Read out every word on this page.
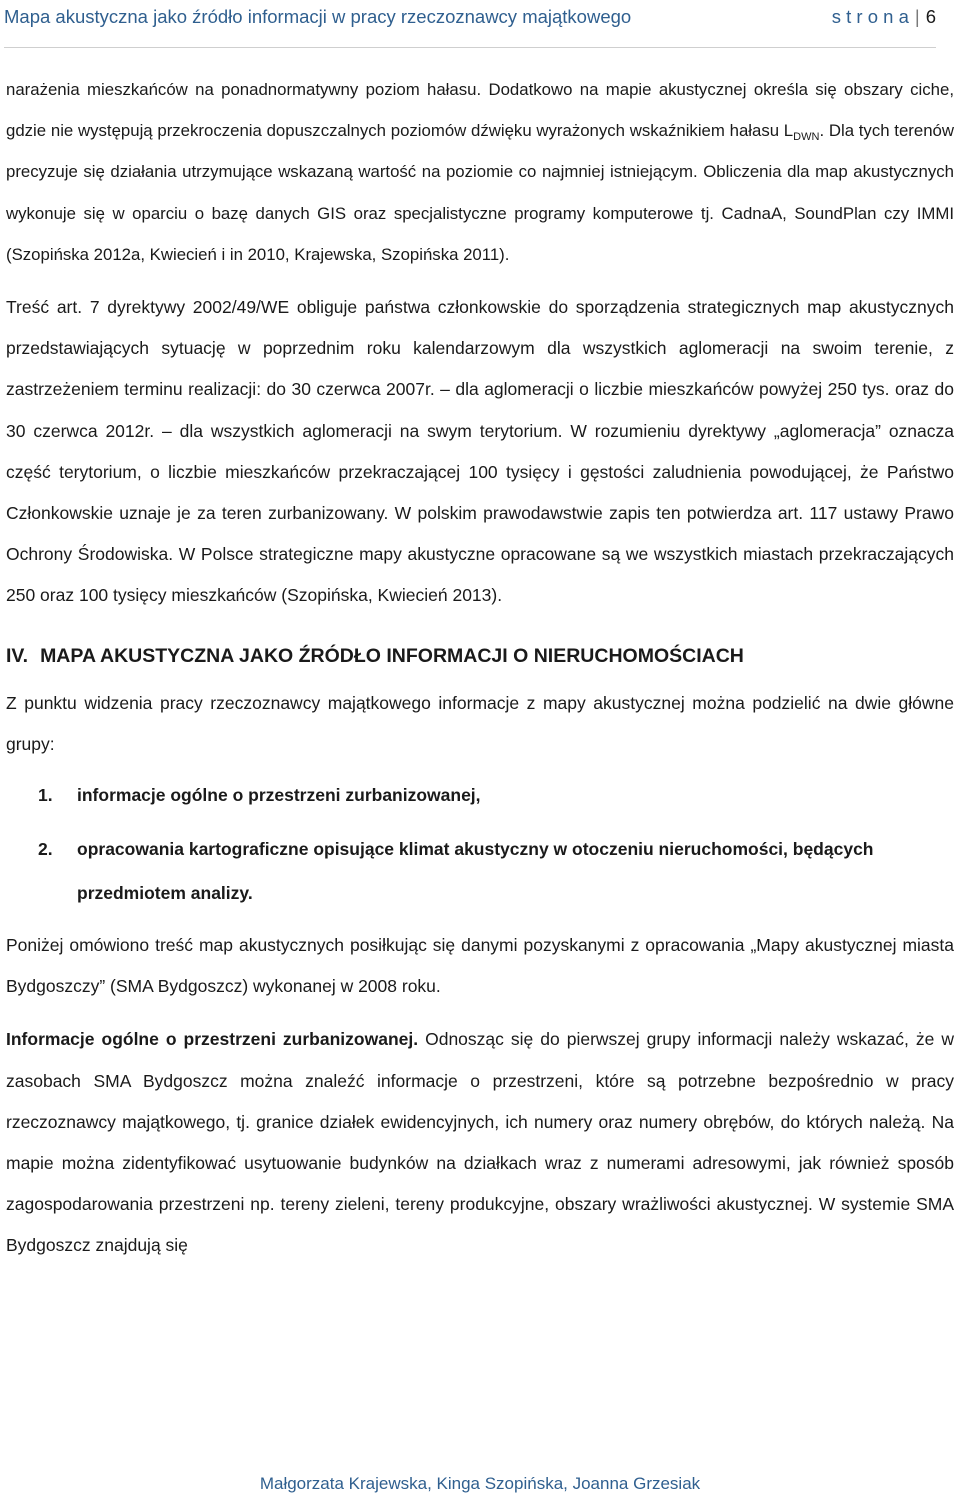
Mapa akustyczna jako źródło informacji w pracy rzeczoznawcy majątkowego	s t r o n a | 6

narażenia mieszkańców na ponadnormatywny poziom hałasu. Dodatkowo na mapie akustycznej określa się obszary ciche, gdzie nie występują przekroczenia dopuszczalnych poziomów dźwięku wyrażonych wskaźnikiem hałasu $L_{DWN}$. Dla tych terenów precyzuje się działania utrzymujące wskazaną wartość na poziomie co najmniej istniejącym. Obliczenia dla map akustycznych wykonuje się w oparciu o bazę danych GIS oraz specjalistyczne programy komputerowe tj. CadnaA, SoundPlan czy IMMI (Szopińska 2012a, Kwiecień i in 2010, Krajewska, Szopińska 2011).

Treść art. 7 dyrektywy 2002/49/WE obliguje państwa członkowskie do sporządzenia strategicznych map akustycznych przedstawiających sytuację w poprzednim roku kalendarzowym dla wszystkich aglomeracji na swoim terenie, z zastrzeżeniem terminu realizacji: do 30 czerwca 2007r. – dla aglomeracji o liczbie mieszkańców powyżej 250 tys. oraz do 30 czerwca 2012r. – dla wszystkich aglomeracji na swym terytorium. W rozumieniu dyrektywy „aglomeracja” oznacza część terytorium, o liczbie mieszkańców przekraczającej 100 tysięcy i gęstości zaludnienia powodującej, że Państwo Członkowskie uznaje je za teren zurbanizowany. W polskim prawodawstwie zapis ten potwierdza art. 117 ustawy Prawo Ochrony Środowiska. W Polsce strategiczne mapy akustyczne opracowane są we wszystkich miastach przekraczających 250 oraz 100 tysięcy mieszkańców (Szopińska, Kwiecień 2013).

IV. MAPA AKUSTYCZNA JAKO ŹRÓDŁO INFORMACJI O NIERUCHOMOŚCIACH

Z punktu widzenia pracy rzeczoznawcy majątkowego informacje z mapy akustycznej można podzielić na dwie główne grupy:

1. informacje ogólne o przestrzeni zurbanizowanej,
2. opracowania kartograficzne opisujące klimat akustyczny w otoczeniu nieruchomości, będących przedmiotem analizy.

Poniżej omówiono treść map akustycznych posiłkując się danymi pozyskanymi z opracowania „Mapy akustycznej miasta Bydgoszczy” (SMA Bydgoszcz) wykonanej w 2008 roku.

Informacje ogólne o przestrzeni zurbanizowanej. Odnosząc się do pierwszej grupy informacji należy wskazać, że w zasobach SMA Bydgoszcz można znaleźć informacje o przestrzeni, które są potrzebne bezpośrednio w pracy rzeczoznawcy majątkowego, tj. granice działek ewidencyjnych, ich numery oraz numery obrębów, do których należą. Na mapie można zidentyfikować usytuowanie budynków na działkach wraz z numerami adresowymi, jak również sposób zagospodarowania przestrzeni np. tereny zieleni, tereny produkcyjne, obszary wrażliwości akustycznej. W systemie SMA Bydgoszcz znajdują się

Małgorzata Krajewska, Kinga Szopińska, Joanna Grzesiak
